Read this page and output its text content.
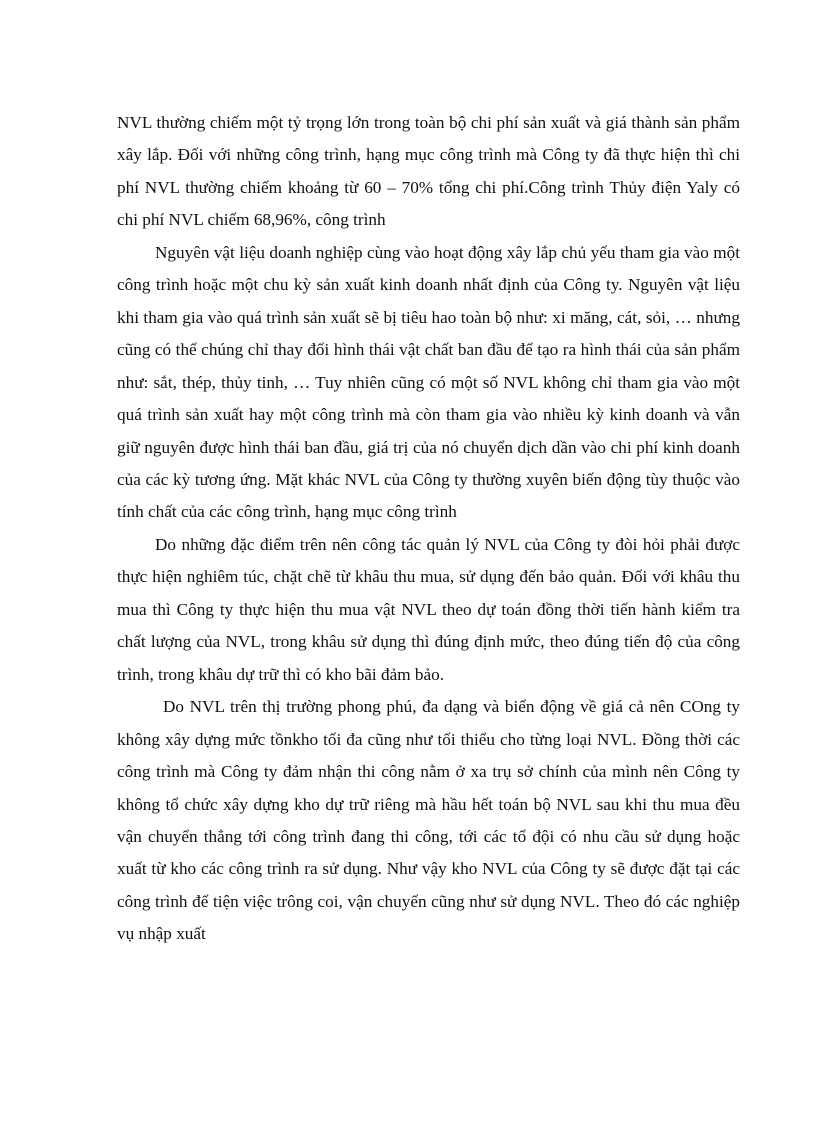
NVL thường chiếm một tỷ trọng lớn trong toàn bộ chi phí sản xuất và giá thành sản phẩm xây lắp. Đối với những công trình, hạng mục công trình mà Công ty đã thực hiện thì chi phí NVL thường chiếm khoảng từ 60 – 70% tổng chi phí.Công trình Thủy điện Yaly có chi phí NVL chiếm 68,96%, công trình

Nguyên vật liệu doanh nghiệp cùng vào hoạt động xây lắp chủ yếu tham gia vào một công trình hoặc một chu kỳ sản xuất kinh doanh nhất định của Công ty. Nguyên vật liệu khi tham gia vào quá trình sản xuất sẽ bị tiêu hao toàn bộ như: xi măng, cát, sỏi, … nhưng cũng có thể chúng chỉ thay đổi hình thái vật chất ban đầu để tạo ra hình thái của sản phẩm như: sắt, thép, thủy tinh, … Tuy nhiên cũng có một số NVL không chỉ tham gia vào một quá trình sản xuất hay một công trình mà còn tham gia vào nhiều kỳ kinh doanh và vẫn giữ nguyên được hình thái ban đầu, giá trị của nó chuyển dịch dần vào chi phí kinh doanh của các kỳ tương ứng. Mặt khác NVL của Công ty thường xuyên biến động tùy thuộc vào tính chất của các công trình, hạng mục công trình

Do những đặc điểm trên nên công tác quản lý NVL của Công ty đòi hỏi phải được thực hiện nghiêm túc, chặt chẽ từ khâu thu mua, sử dụng đến bảo quản. Đối với khâu thu mua thì Công ty thực hiện thu mua vật NVL theo dự toán đồng thời tiến hành kiểm tra chất lượng của NVL, trong khâu sử dụng thì đúng định mức, theo đúng tiến độ của công trình, trong khâu dự trữ thì có kho bãi đảm bảo.

Do NVL trên thị trường phong phú, đa dạng và biến động về giá cả nên COng ty không xây dựng mức tồnkho tối đa cũng như tối thiểu cho từng loại NVL. Đồng thời các công trình mà Công ty đảm nhận thi công nằm ở xa trụ sở chính của mình nên Công ty không tổ chức xây dựng kho dự trữ riêng mà hầu hết toán bộ NVL sau khi thu mua đều vận chuyển thẳng tới công trình đang thi công, tới các tổ đội có nhu cầu sử dụng hoặc xuất từ kho các công trình ra sử dụng. Như vậy kho NVL của Công ty sẽ được đặt tại các công trình để tiện việc trông coi, vận chuyển cũng như sử dụng NVL. Theo đó các nghiệp vụ nhập xuất
